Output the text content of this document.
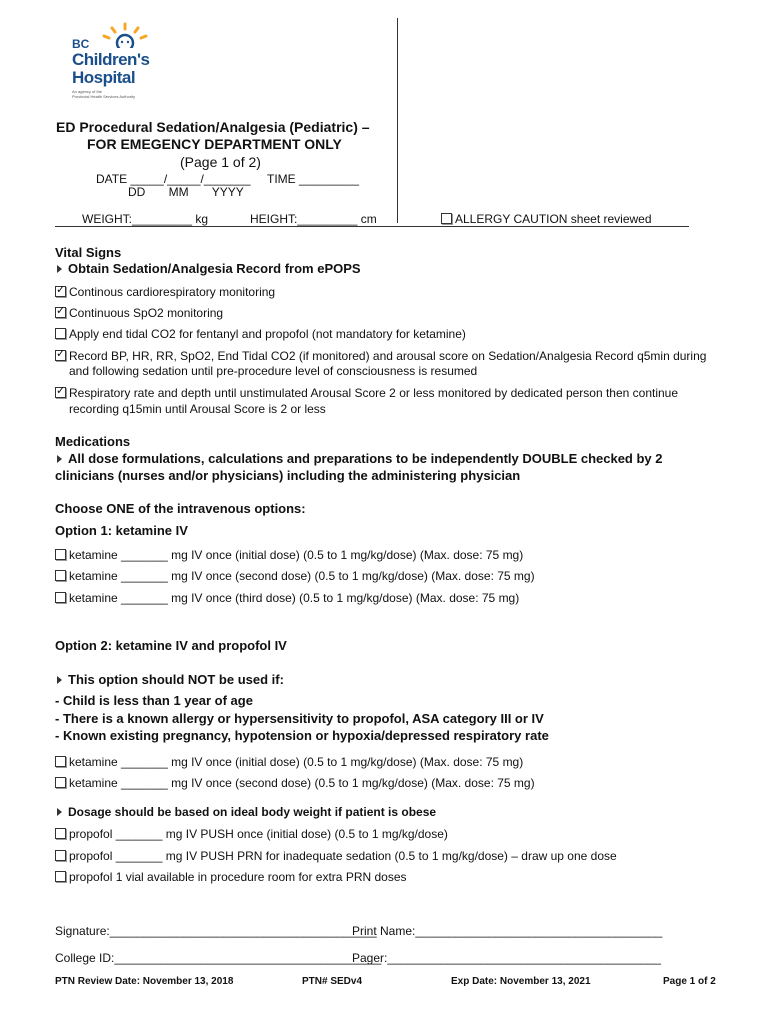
BC
Children's
Hospital
An agency of the
Provincial Health Services Authority
ED Procedural Sedation/Analgesia (Pediatric) –
FOR EMEGENCY DEPARTMENT ONLY
(Page 1 of 2)
DATE _____/_____/_______ TIME _________
DD       MM       YYYY
WEIGHT:_________ kg	HEIGHT:_________ cm	ALLERGY CAUTION sheet reviewed
Vital Signs
Obtain Sedation/Analgesia Record from ePOPS
✓Continous cardiorespiratory monitoring
✓Continuous SpO2 monitoring
Apply end tidal CO2 for fentanyl and propofol (not mandatory for ketamine)
✓Record BP, HR, RR, SpO2, End Tidal CO2 (if monitored) and arousal score on Sedation/Analgesia Record q5min during
and following sedation until pre-procedure level of consciousness is resumed
✓Respiratory rate and depth until unstimulated Arousal Score 2 or less monitored by dedicated person then continue
recording q15min until Arousal Score is 2 or less
Medications
All dose formulations, calculations and preparations to be independently DOUBLE checked by 2
clinicians (nurses and/or physicians) including the administering physician
Choose ONE of the intravenous options:
Option 1: ketamine IV
ketamine _______ mg IV once (initial dose) (0.5 to 1 mg/kg/dose) (Max. dose: 75 mg)
ketamine _______ mg IV once (second dose) (0.5 to 1 mg/kg/dose) (Max. dose: 75 mg)
ketamine _______ mg IV once (third dose) (0.5 to 1 mg/kg/dose) (Max. dose: 75 mg)
Option 2: ketamine IV and propofol IV
This option should NOT be used if:
- Child is less than 1 year of age
- There is a known allergy or hypersensitivity to propofol, ASA category III or IV
- Known existing pregnancy, hypotension or hypoxia/depressed respiratory rate
ketamine _______ mg IV once (initial dose) (0.5 to 1 mg/kg/dose) (Max. dose: 75 mg)
ketamine _______ mg IV once (second dose) (0.5 to 1 mg/kg/dose) (Max. dose: 75 mg)
Dosage should be based on ideal body weight if patient is obese
propofol _______ mg IV PUSH once (initial dose) (0.5 to 1 mg/kg/dose)
propofol _______ mg IV PUSH PRN for inadequate sedation (0.5 to 1 mg/kg/dose) – draw up one dose
propofol 1 vial available in procedure room for extra PRN doses
Signature:________________________________________
Print Name:_____________________________________
College ID:________________________________________
Pager:_________________________________________
PTN Review Date: November 13, 2018	PTN# SEDv4	Exp Date: November 13, 2021	Page 1 of 2
